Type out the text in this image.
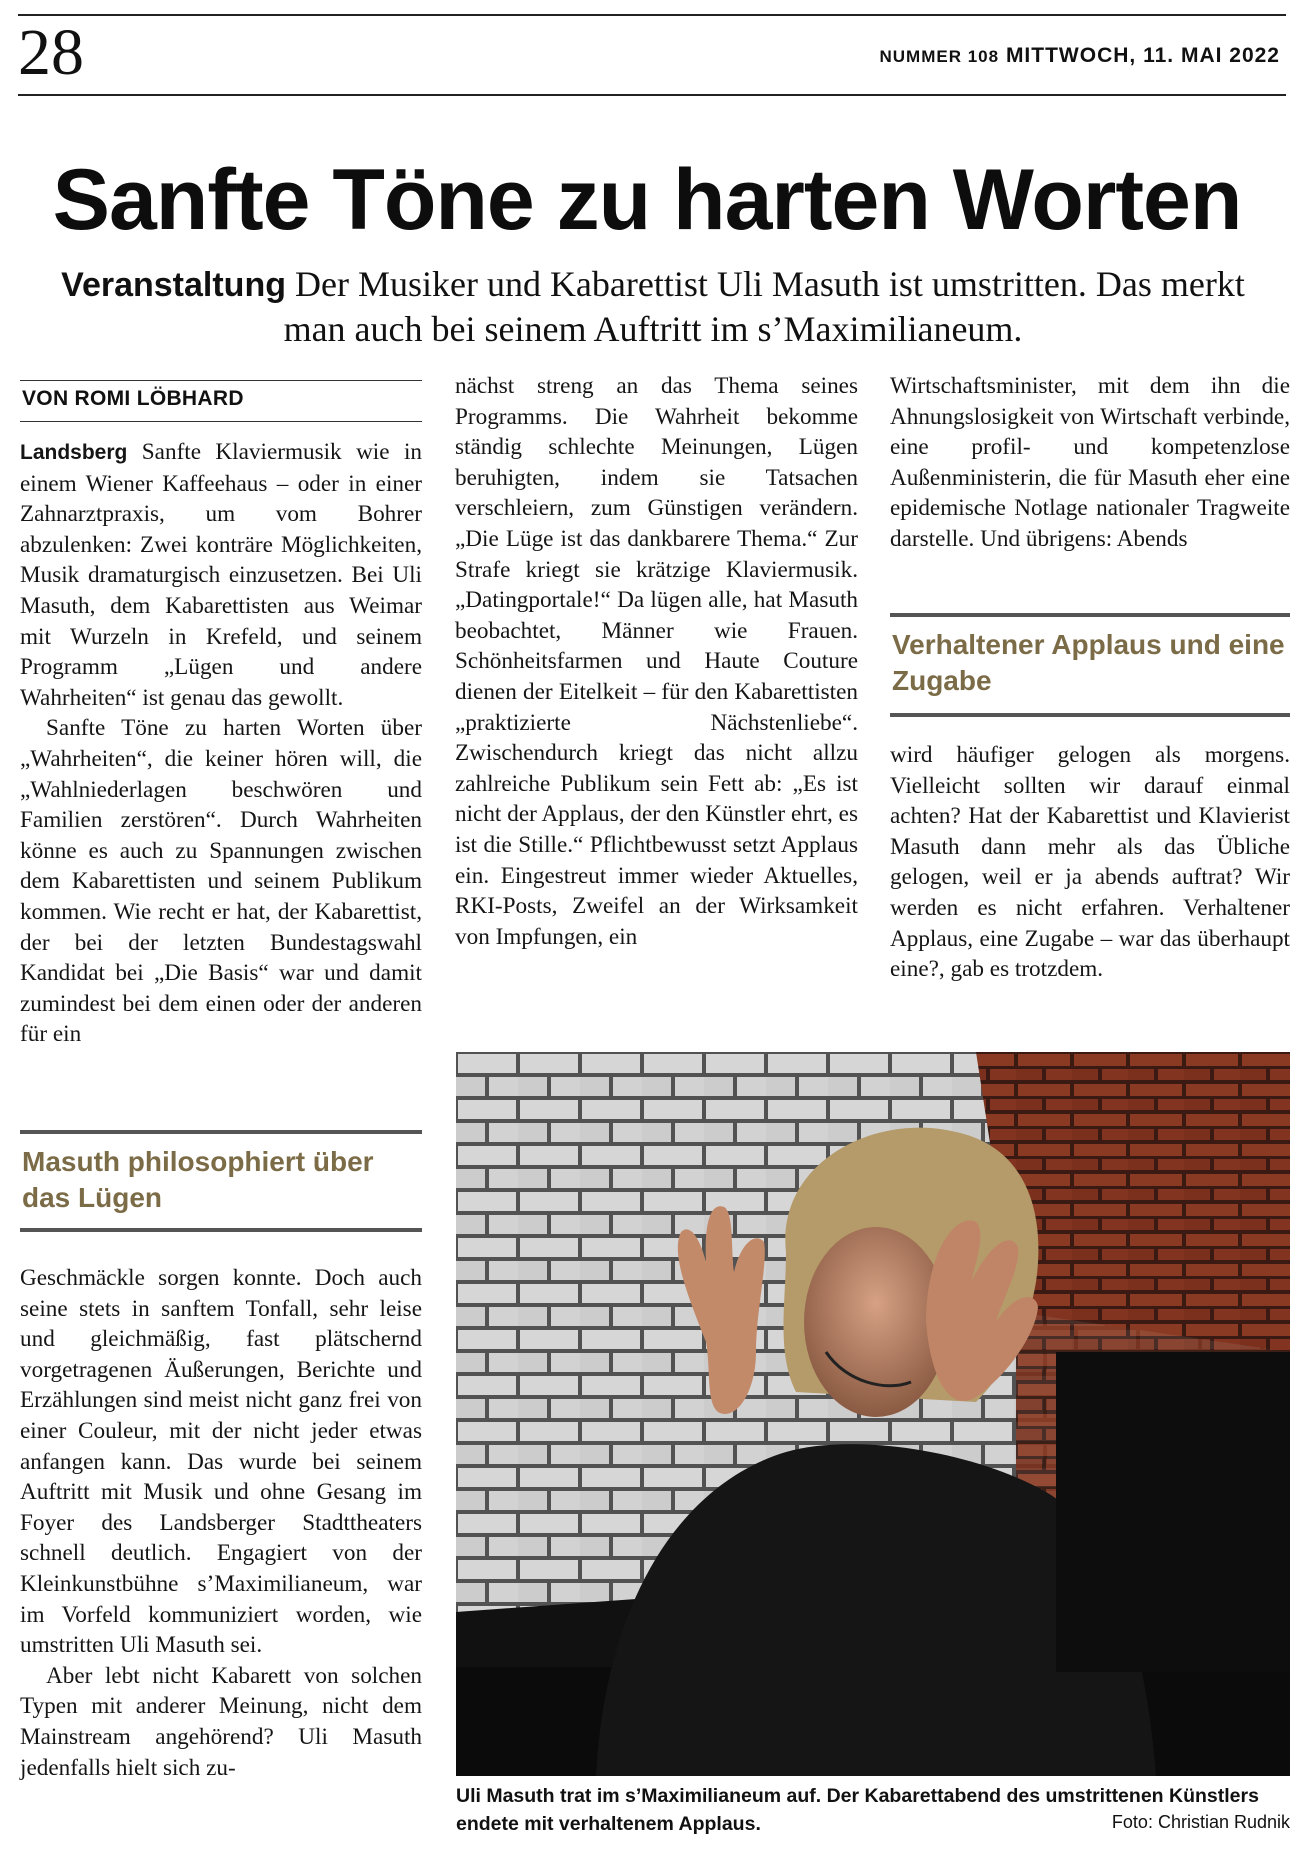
28	NUMMER 108 MITTWOCH, 11. MAI 2022
Sanfte Töne zu harten Worten
Veranstaltung Der Musiker und Kabarettist Uli Masuth ist umstritten. Das merkt man auch bei seinem Auftritt im s’Maximilianeum.
VON ROMI LÖBHARD

Landsberg Sanfte Klaviermusik wie in einem Wiener Kaffeehaus – oder in einer Zahnarztpraxis, um vom Bohrer abzulenken: Zwei konträre Möglichkeiten, Musik dramaturgisch einzusetzen. Bei Uli Masuth, dem Kabarettisten aus Weimar mit Wurzeln in Krefeld, und seinem Programm „Lügen und andere Wahrheiten“ ist genau das gewollt.

Sanfte Töne zu harten Worten über „Wahrheiten“, die keiner hören will, die „Wahlniederlagen beschwören und Familien zerstören“. Durch Wahrheiten könne es auch zu Spannungen zwischen dem Kabarettisten und seinem Publikum kommen. Wie recht er hat, der Kabarettist, der bei der letzten Bundestagswahl Kandidat bei „Die Basis“ war und damit zumindest bei dem einen oder der anderen für ein

Masuth philosophiert über das Lügen

Geschmäckle sorgen konnte. Doch auch seine stets in sanftem Tonfall, sehr leise und gleichmäßig, fast plätschernd vorgetragenen Äußerungen, Berichte und Erzählungen sind meist nicht ganz frei von einer Couleur, mit der nicht jeder etwas anfangen kann. Das wurde bei seinem Auftritt mit Musik und ohne Gesang im Foyer des Landsberger Stadttheaters schnell deutlich. Engagiert von der Kleinkunstbühne s’Maximilianeum, war im Vorfeld kommuniziert worden, wie umstritten Uli Masuth sei.

Aber lebt nicht Kabarett von solchen Typen mit anderer Meinung, nicht dem Mainstream angehörend? Uli Masuth jedenfalls hielt sich zu-

nächst streng an das Thema seines Programms. Die Wahrheit bekomme ständig schlechte Meinungen, Lügen beruhigten, indem sie Tatsachen verschleiern, zum Günstigen verändern. „Die Lüge ist das dankbarere Thema.“ Zur Strafe kriegt sie krätzige Klaviermusik. „Datingportale!“ Da lügen alle, hat Masuth beobachtet, Männer wie Frauen. Schönheitsfarmen und Haute Couture dienen der Eitelkeit – für den Kabarettisten „praktizierte Nächstenliebe“. Zwischendurch kriegt das nicht allzu zahlreiche Publikum sein Fett ab: „Es ist nicht der Applaus, der den Künstler ehrt, es ist die Stille.“ Pflichtbewusst setzt Applaus ein. Eingestreut immer wieder Aktuelles, RKI-Posts, Zweifel an der Wirksamkeit von Impfungen, ein

Wirtschaftsminister, mit dem ihn die Ahnungslosigkeit von Wirtschaft verbinde, eine profil- und kompetenzlose Außenministerin, die für Masuth eher eine epidemische Notlage nationaler Tragweite darstelle. Und übrigens: Abends

Verhaltener Applaus und eine Zugabe

wird häufiger gelogen als morgens. Vielleicht sollten wir darauf einmal achten? Hat der Kabarettist und Klavierist Masuth dann mehr als das Übliche gelogen, weil er ja abends auftrat? Wir werden es nicht erfahren. Verhaltener Applaus, eine Zugabe – war das überhaupt eine?, gab es trotzdem.

Uli Masuth trat im s’Maximilianeum auf. Der Kabarettabend des umstrittenen Künstlers endete mit verhaltenem Applaus.	Foto: Christian Rudnik
